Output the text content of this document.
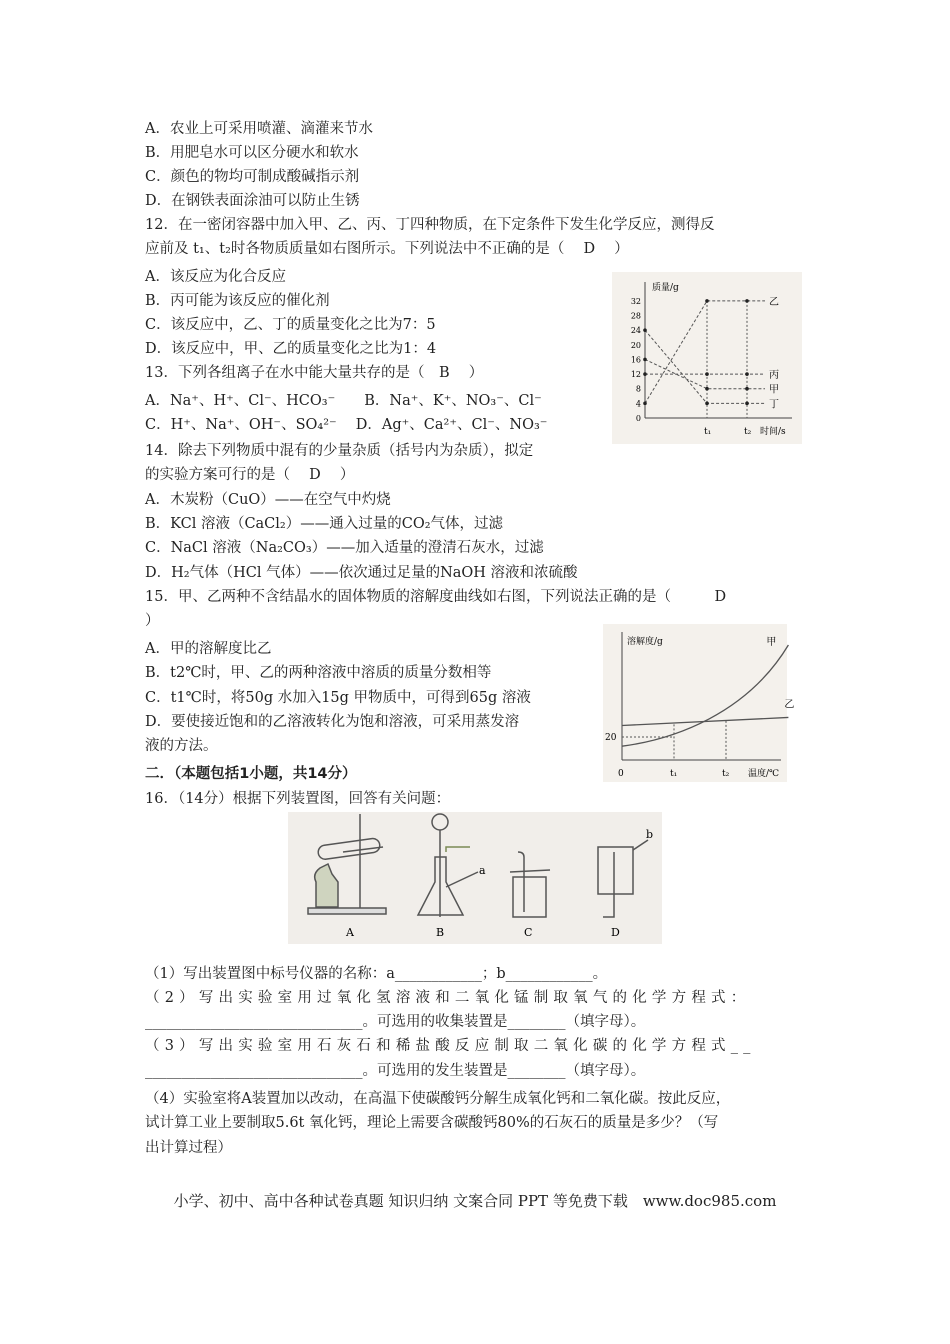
A．农业上可采用喷灌、滴灌来节水
B．用肥皂水可以区分硬水和软水
C．颜色的物均可制成酸碱指示剂
D．在钢铁表面涂油可以防止生锈
12．在一密闭容器中加入甲、乙、丙、丁四种物质，在下定条件下发生化学反应，测得反
应前及 t₁、t₂时各物质质量如右图所示。下列说法中不正确的是（　 D　 ）
A．该反应为化合反应
B．丙可能为该反应的催化剂
C．该反应中，乙、丁的质量变化之比为7：5
D．该反应中，甲、乙的质量变化之比为1：4
13．下列各组离子在水中能大量共存的是（　B　 ）
A．Na⁺、H⁺、Cl⁻、HCO₃⁻　　B．Na⁺、K⁺、NO₃⁻、Cl⁻
C．H⁺、Na⁺、OH⁻、SO₄²⁻　 D．Ag⁺、Ca²⁺、Cl⁻、NO₃⁻
14．除去下列物质中混有的少量杂质（括号内为杂质），拟定
的实验方案可行的是（　 D　 ）
A．木炭粉（CuO）——在空气中灼烧
B．KCl 溶液（CaCl₂）——通入过量的CO₂气体，过滤
C．NaCl 溶液（Na₂CO₃）——加入适量的澄清石灰水，过滤
D．H₂气体（HCl 气体）——依次通过足量的NaOH 溶液和浓硫酸
15．甲、乙两种不含结晶水的固体物质的溶解度曲线如右图，下列说法正确的是（　　　D
）
A．甲的溶解度比乙
B．t2℃时，甲、乙的两种溶液中溶质的质量分数相等
C．t1℃时，将50g 水加入15g 甲物质中，可得到65g 溶液
D．要使接近饱和的乙溶液转化为饱和溶液，可采用蒸发溶
液的方法。
二．（本题包括1小题，共14分）
16．（14分）根据下列装置图，回答有关问题：
（1）写出装置图中标号仪器的名称：a____________；b____________。
（2）写出实验室用过氧化氢溶液和二氧化锰制取氧气的化学方程式：
______________________________。可选用的收集装置是________（填字母）。
（3）写出实验室用石灰石和稀盐酸反应制取二氧化碳的化学方程式__
______________________________。可选用的发生装置是________（填字母）。
（4）实验室将A装置加以改动，在高温下使碳酸钙分解生成氧化钙和二氧化碳。按此反应，
试计算工业上要制取5.6t 氧化钙，理论上需要含碳酸钙80%的石灰石的质量是多少？（写
出计算过程）
质量/g
时间/s
0
4
8
12
16
20
24
28
32
t₁	t₂
乙
丙
甲
丁
溶解度/g
温度/℃
20
0	t₁	t₂
甲
乙
A	B	C	D
a
b
小学、初中、高中各种试卷真题 知识归纳 文案合同 PPT 等免费下载　www.doc985.com
